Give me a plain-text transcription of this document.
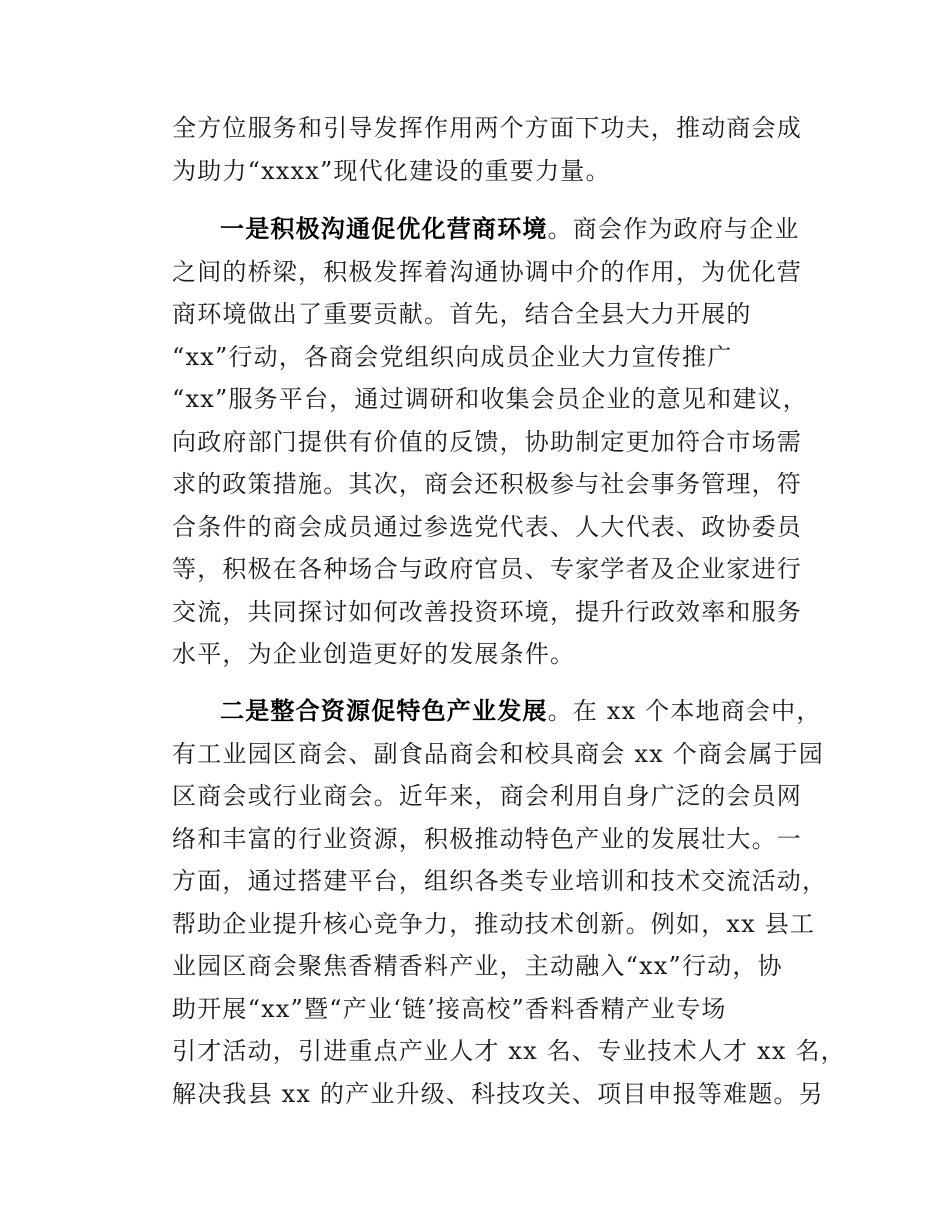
全方位服务和引导发挥作用两个方面下功夫，推动商会成
为助力“xxxx”现代化建设的重要力量。
一是积极沟通促优化营商环境。商会作为政府与企业
之间的桥梁，积极发挥着沟通协调中介的作用，为优化营
商环境做出了重要贡献。首先，结合全县大力开展的
“xx”行动，各商会党组织向成员企业大力宣传推广
“xx”服务平台，通过调研和收集会员企业的意见和建议，
向政府部门提供有价值的反馈，协助制定更加符合市场需
求的政策措施。其次，商会还积极参与社会事务管理，符
合条件的商会成员通过参选党代表、人大代表、政协委员
等，积极在各种场合与政府官员、专家学者及企业家进行
交流，共同探讨如何改善投资环境，提升行政效率和服务
水平，为企业创造更好的发展条件。
二是整合资源促特色产业发展。在 xx 个本地商会中，
有工业园区商会、副食品商会和校具商会 xx 个商会属于园
区商会或行业商会。近年来，商会利用自身广泛的会员网
络和丰富的行业资源，积极推动特色产业的发展壮大。一
方面，通过搭建平台，组织各类专业培训和技术交流活动，
帮助企业提升核心竞争力，推动技术创新。例如，xx 县工
业园区商会聚焦香精香料产业，主动融入“xx”行动，协
助开展“xx”暨“产业‘链’接高校”香料香精产业专场
引才活动，引进重点产业人才 xx 名、专业技术人才 xx 名，
解决我县 xx 的产业升级、科技攻关、项目申报等难题。另
